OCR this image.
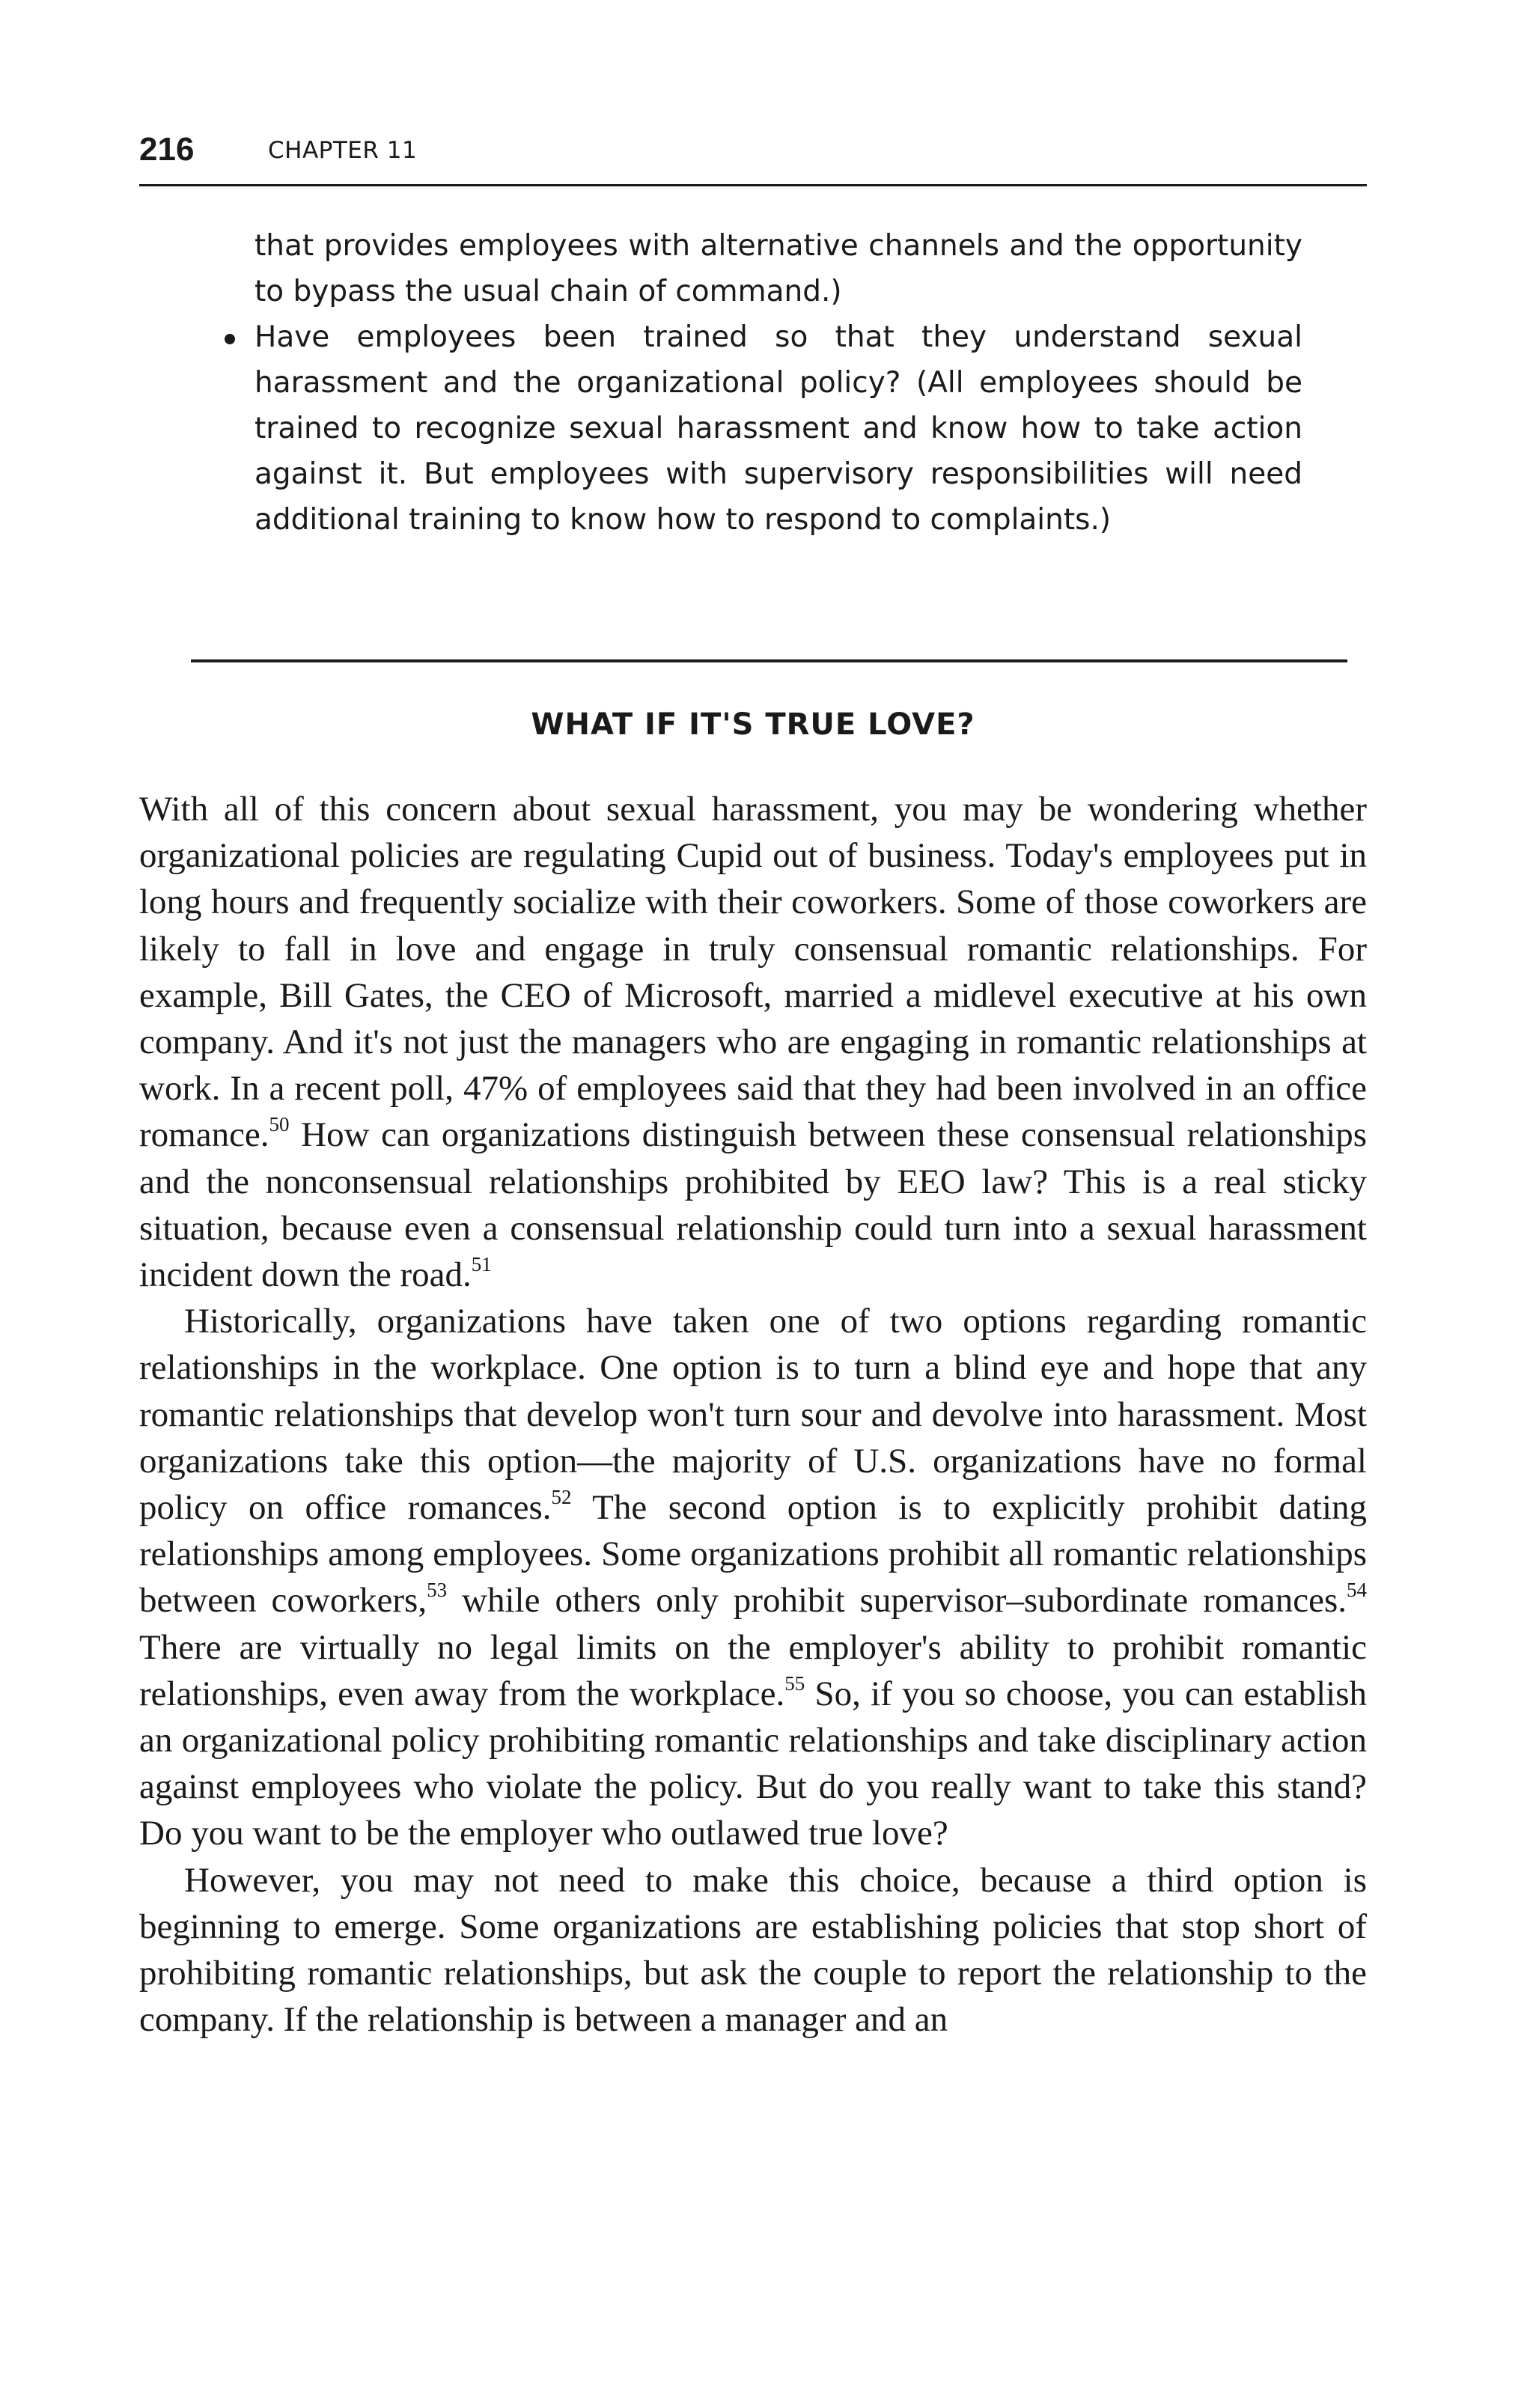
216	CHAPTER 11

that provides employees with alternative channels and the opportunity to bypass the usual chain of command.)

Have employees been trained so that they understand sexual harassment and the organizational policy? (All employees should be trained to recognize sexual harassment and know how to take action against it. But employees with supervisory responsibilities will need additional training to know how to respond to complaints.)

WHAT IF IT'S TRUE LOVE?

With all of this concern about sexual harassment, you may be wondering whether organizational policies are regulating Cupid out of business. Today's employees put in long hours and frequently socialize with their coworkers. Some of those coworkers are likely to fall in love and engage in truly consensual romantic relationships. For example, Bill Gates, the CEO of Microsoft, married a midlevel executive at his own company. And it's not just the managers who are engaging in romantic relationships at work. In a recent poll, 47% of employees said that they had been involved in an office romance.$^{50}$ How can organizations distinguish between these consensual relationships and the nonconsensual relationships prohibited by EEO law? This is a real sticky situation, because even a consensual relationship could turn into a sexual harassment incident down the road.$^{51}$

Historically, organizations have taken one of two options regarding romantic relationships in the workplace. One option is to turn a blind eye and hope that any romantic relationships that develop won't turn sour and devolve into harassment. Most organizations take this option—the majority of U.S. organizations have no formal policy on office romances.$^{52}$ The second option is to explicitly prohibit dating relationships among employees. Some organizations prohibit all romantic relationships between coworkers,$^{53}$ while others only prohibit supervisor–subordinate romances.$^{54}$ There are virtually no legal limits on the employer's ability to prohibit romantic relationships, even away from the workplace.$^{55}$ So, if you so choose, you can establish an organizational policy prohibiting romantic relationships and take disciplinary action against employees who violate the policy. But do you really want to take this stand? Do you want to be the employer who outlawed true love?

However, you may not need to make this choice, because a third option is beginning to emerge. Some organizations are establishing policies that stop short of prohibiting romantic relationships, but ask the couple to report the relationship to the company. If the relationship is between a manager and an
